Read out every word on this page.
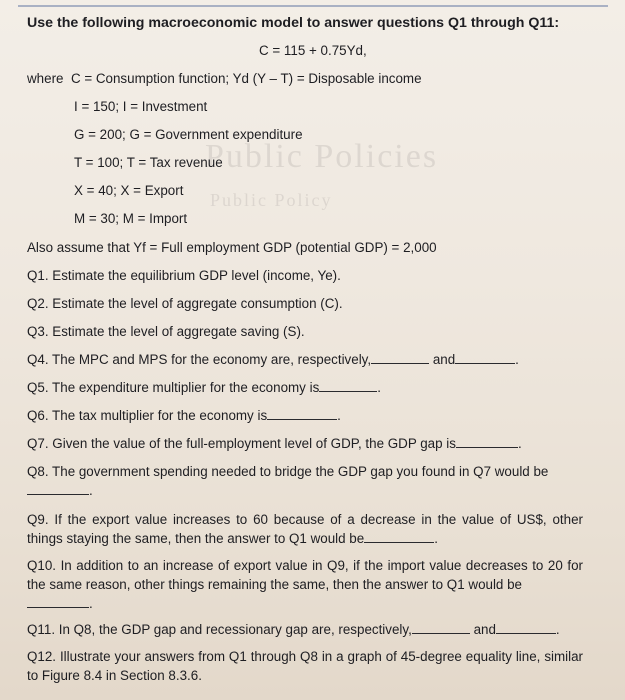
Public Policies
Public Policy
Use the following macroeconomic model to answer questions Q1 through Q11:
C = 115 + 0.75Yd,
where C = Consumption function; Yd (Y – T) = Disposable income
I = 150; I = Investment
G = 200; G = Government expenditure
T = 100; T = Tax revenue
X = 40; X = Export
M = 30; M = Import
Also assume that Yf = Full employment GDP (potential GDP) = 2,000
Q1. Estimate the equilibrium GDP level (income, Ye).
Q2. Estimate the level of aggregate consumption (C).
Q3. Estimate the level of aggregate saving (S).
Q4. The MPC and MPS for the economy are, respectively,	and	.
Q5. The expenditure multiplier for the economy is	.
Q6. The tax multiplier for the economy is	.
Q7. Given the value of the full-employment level of GDP, the GDP gap is	.
Q8. The government spending needed to bridge the GDP gap you found in Q7 would be
.
Q9. If the export value increases to 60 because of a decrease in the value of US$, other things staying the same, then the answer to Q1 would be	.
Q10. In addition to an increase of export value in Q9, if the import value decreases to 20 for the same reason, other things remaining the same, then the answer to Q1 would be
.
Q11. In Q8, the GDP gap and recessionary gap are, respectively,	and	.
Q12. Illustrate your answers from Q1 through Q8 in a graph of 45-degree equality line, similar to Figure 8.4 in Section 8.3.6.
